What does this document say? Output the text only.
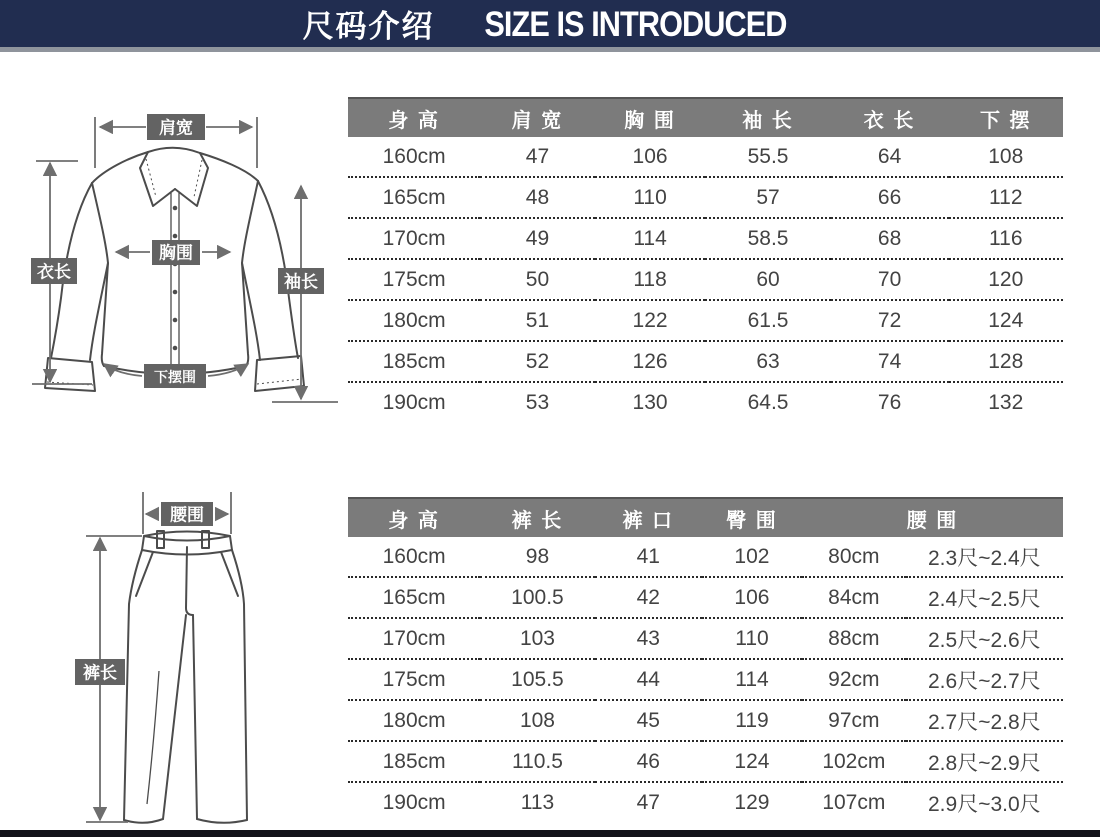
尺码介绍 SIZE IS INTRODUCED
肩宽
衣长
胸围
袖长
下摆围
腰围
裤长
身 高	肩 宽	胸 围	袖 长	衣 长	下 摆
160cm	47	106	55.5	64	108
165cm	48	110	57	66	112
170cm	49	114	58.5	68	116
175cm	50	118	60	70	120
180cm	51	122	61.5	72	124
185cm	52	126	63	74	128
190cm	53	130	64.5	76	132
身 高	裤 长	裤 口	臀 围	腰 围	
160cm	98	41	102	80cm	2.3尺~2.4尺
165cm	100.5	42	106	84cm	2.4尺~2.5尺
170cm	103	43	110	88cm	2.5尺~2.6尺
175cm	105.5	44	114	92cm	2.6尺~2.7尺
180cm	108	45	119	97cm	2.7尺~2.8尺
185cm	110.5	46	124	102cm	2.8尺~2.9尺
190cm	113	47	129	107cm	2.9尺~3.0尺
